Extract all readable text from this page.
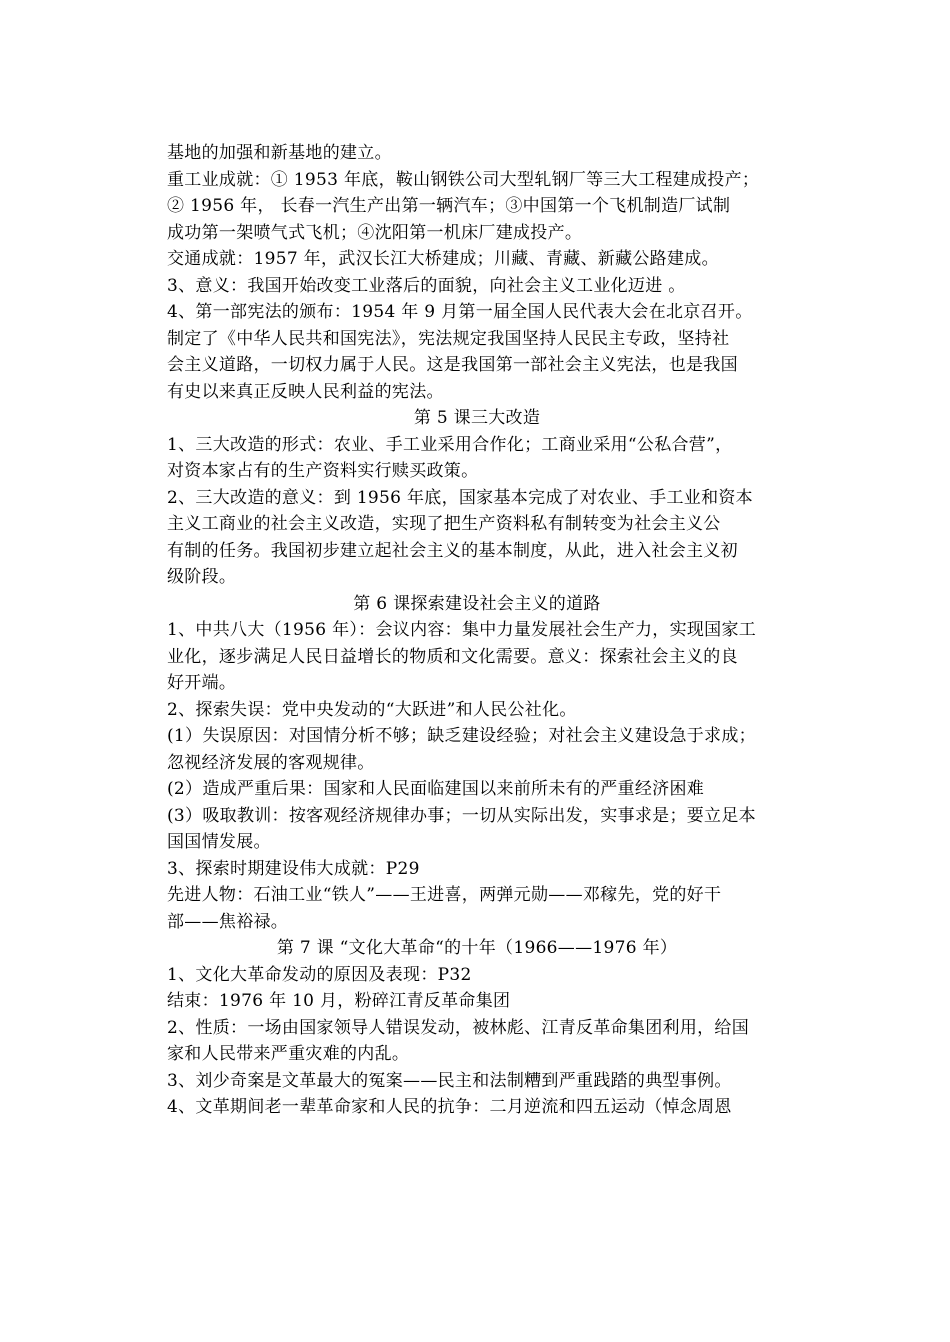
基地的加强和新基地的建立。
重工业成就：① 1953 年底，鞍山钢铁公司大型轧钢厂等三大工程建成投产；
② 1956 年， 长春一汽生产出第一辆汽车；③中国第一个飞机制造厂试制
成功第一架喷气式飞机；④沈阳第一机床厂建成投产。
交通成就：1957 年，武汉长江大桥建成；川藏、青藏、新藏公路建成。
3、意义：我国开始改变工业落后的面貌，向社会主义工业化迈进 。
4、第一部宪法的颁布：1954 年 9 月第一届全国人民代表大会在北京召开。
制定了《中华人民共和国宪法》，宪法规定我国坚持人民民主专政，坚持社
会主义道路，一切权力属于人民。这是我国第一部社会主义宪法，也是我国
有史以来真正反映人民利益的宪法。
第 5 课三大改造
1、三大改造的形式：农业、手工业采用合作化；工商业采用“公私合营”，
对资本家占有的生产资料实行赎买政策。
2、三大改造的意义：到 1956 年底，国家基本完成了对农业、手工业和资本
主义工商业的社会主义改造，实现了把生产资料私有制转变为社会主义公
有制的任务。我国初步建立起社会主义的基本制度，从此，进入社会主义初
级阶段。
第 6 课探索建设社会主义的道路
1、中共八大（1956 年）：会议内容：集中力量发展社会生产力，实现国家工
业化，逐步满足人民日益增长的物质和文化需要。意义：探索社会主义的良
好开端。
2、探索失误：党中央发动的“大跃进”和人民公社化。
(1）失误原因：对国情分析不够；缺乏建设经验；对社会主义建设急于求成；
忽视经济发展的客观规律。
(2）造成严重后果：国家和人民面临建国以来前所未有的严重经济困难
(3）吸取教训：按客观经济规律办事；一切从实际出发，实事求是；要立足本
国国情发展。
3、探索时期建设伟大成就：P29
先进人物：石油工业“铁人”——王进喜，两弹元勋——邓稼先，党的好干
部——焦裕禄。
第 7 课 “文化大革命“的十年（1966——1976 年）
1、文化大革命发动的原因及表现：P32
结束：1976 年 10 月，粉碎江青反革命集团
2、性质：一场由国家领导人错误发动，被林彪、江青反革命集团利用，给国
家和人民带来严重灾难的内乱。
3、刘少奇案是文革最大的冤案——民主和法制糟到严重践踏的典型事例。
4、文革期间老一辈革命家和人民的抗争：二月逆流和四五运动（悼念周恩
